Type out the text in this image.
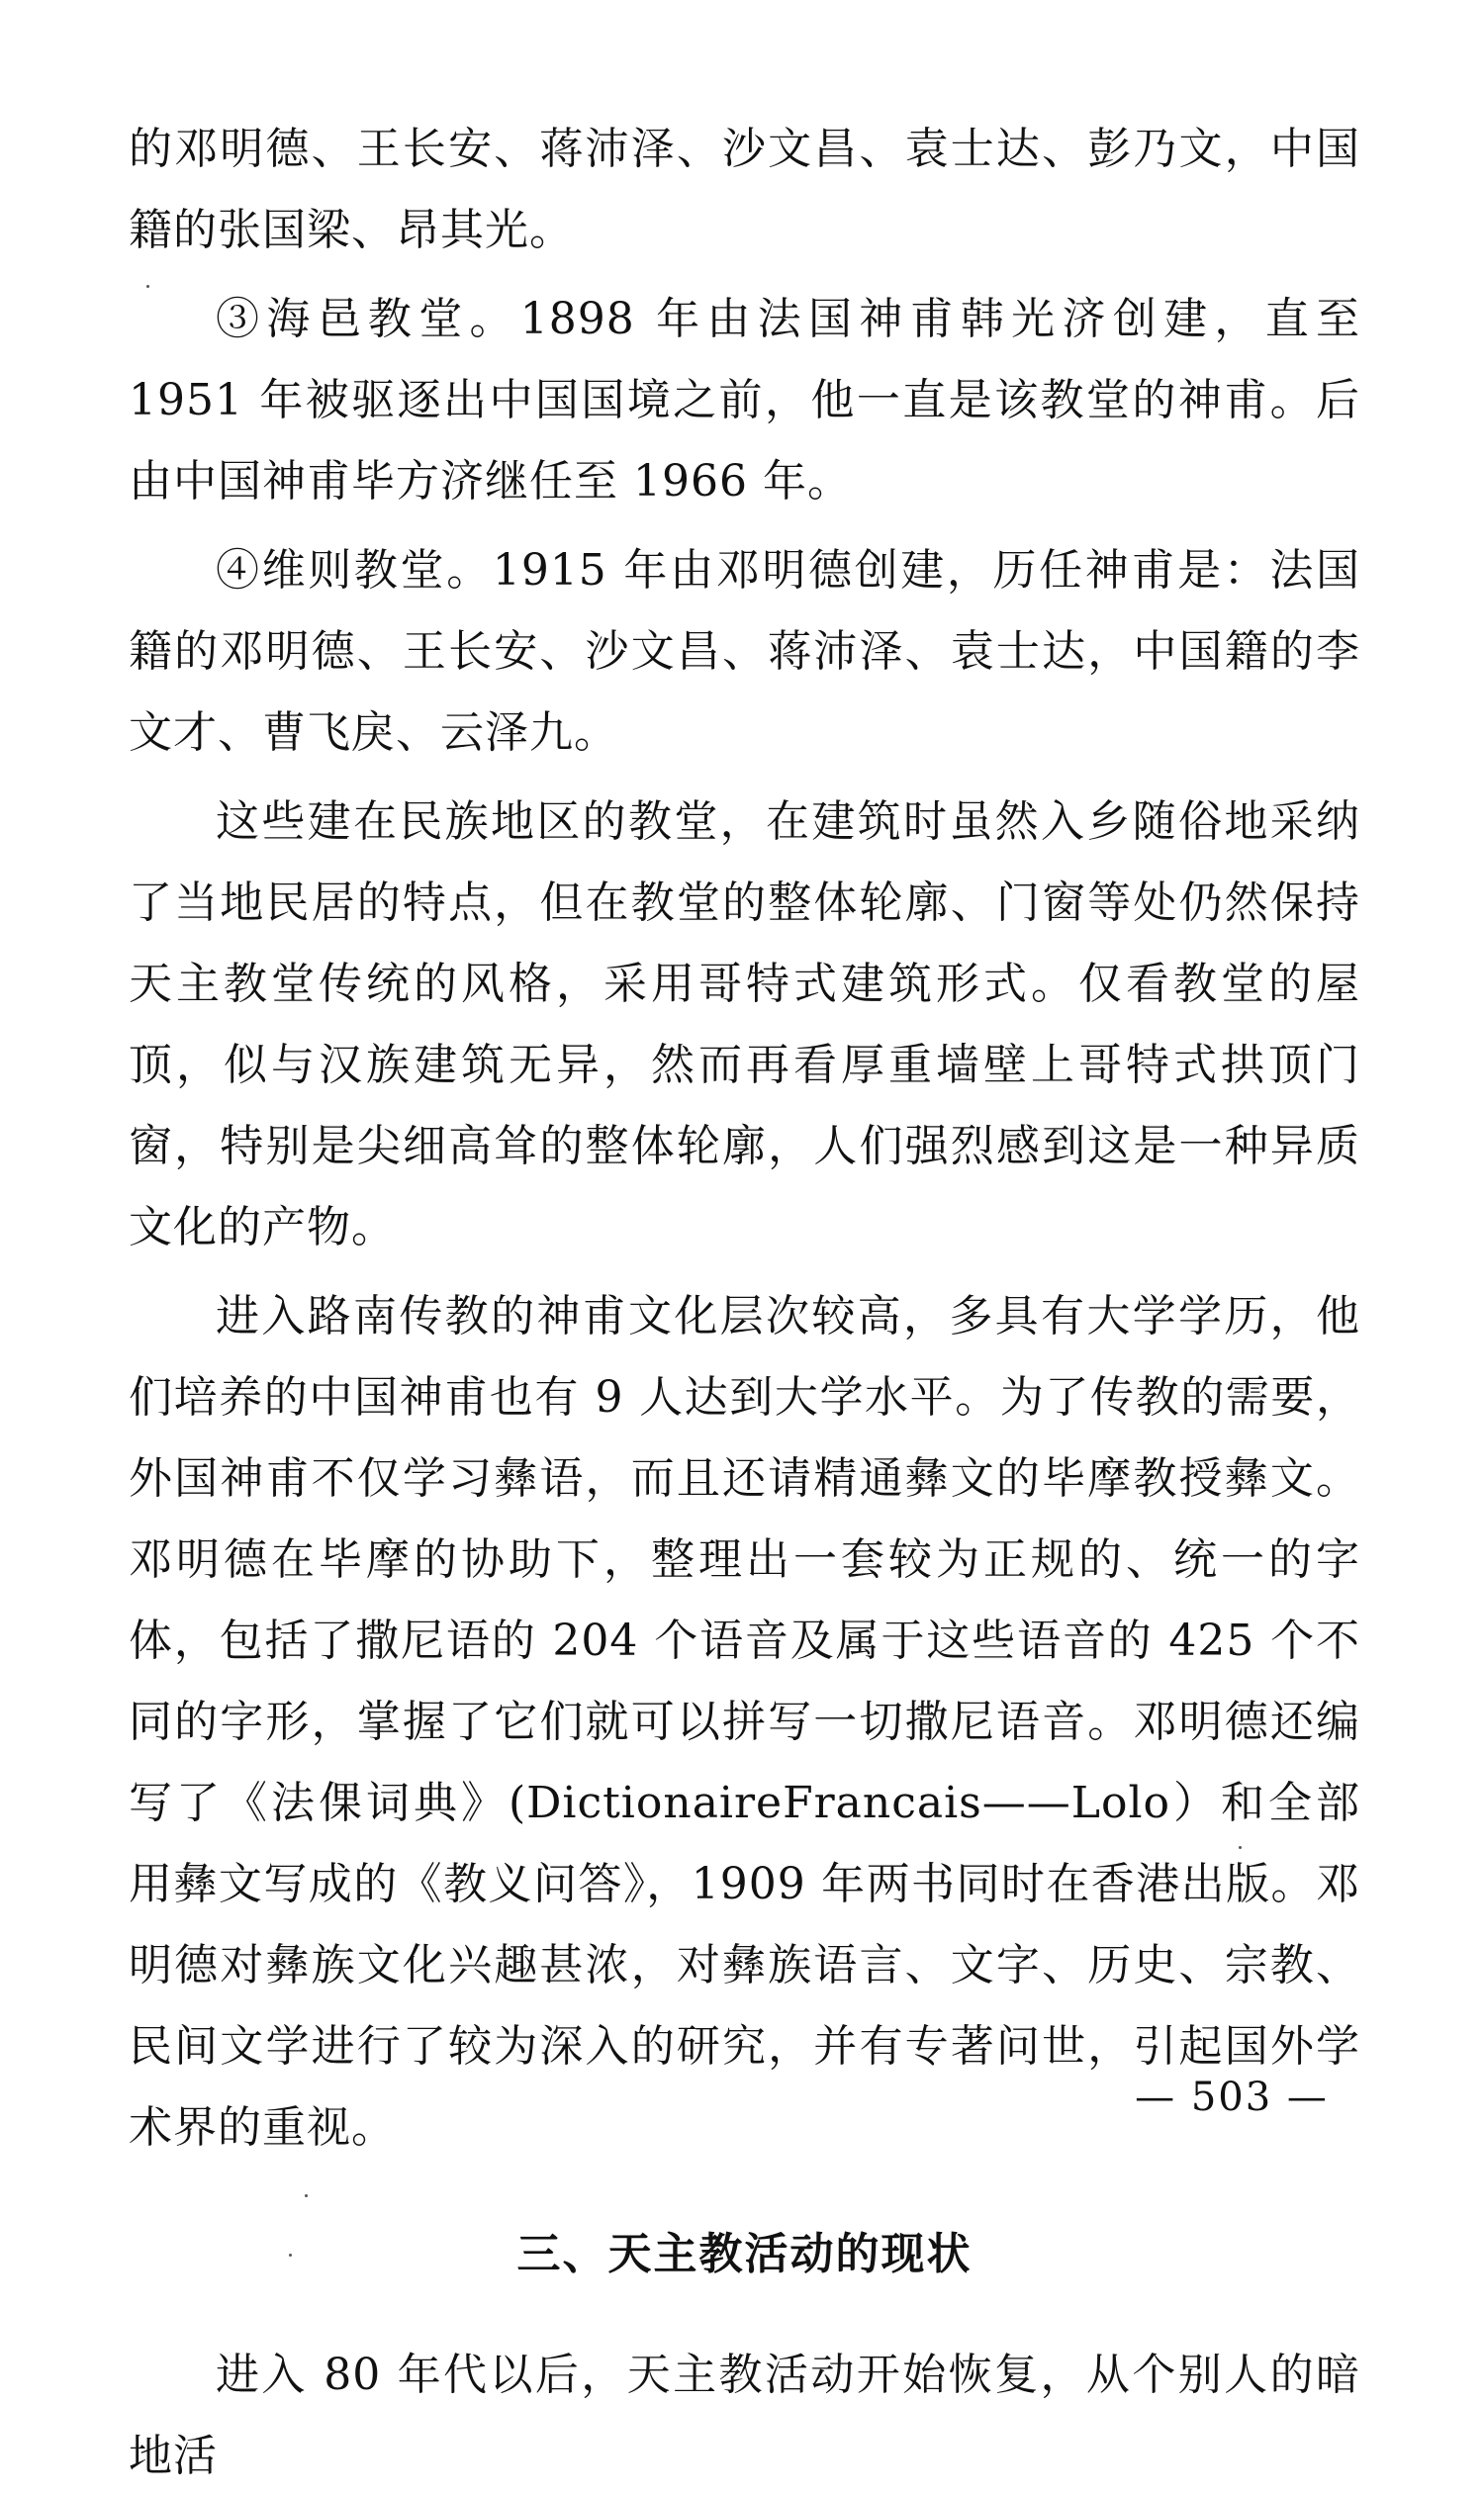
的邓明德、王长安、蒋沛泽、沙文昌、袁士达、彭乃文，中国籍的张国梁、昂其光。

③海邑教堂。1898 年由法国神甫韩光济创建，直至 1951 年被驱逐出中国国境之前，他一直是该教堂的神甫。后由中国神甫毕方济继任至 1966 年。

④维则教堂。1915 年由邓明德创建，历任神甫是：法国籍的邓明德、王长安、沙文昌、蒋沛泽、袁士达，中国籍的李文才、曹飞戾、云泽九。

这些建在民族地区的教堂，在建筑时虽然入乡随俗地采纳了当地民居的特点，但在教堂的整体轮廓、门窗等处仍然保持天主教堂传统的风格，采用哥特式建筑形式。仅看教堂的屋顶，似与汉族建筑无异，然而再看厚重墙壁上哥特式拱顶门窗，特别是尖细高耸的整体轮廓，人们强烈感到这是一种异质文化的产物。

进入路南传教的神甫文化层次较高，多具有大学学历，他们培养的中国神甫也有 9 人达到大学水平。为了传教的需要，外国神甫不仅学习彝语，而且还请精通彝文的毕摩教授彝文。邓明德在毕摩的协助下，整理出一套较为正规的、统一的字体，包括了撒尼语的 204 个语音及属于这些语音的 425 个不同的字形，掌握了它们就可以拼写一切撒尼语音。邓明德还编写了《法倮词典》(DictionaireFrancais——Lolo）和全部用彝文写成的《教义问答》，1909 年两书同时在香港出版。邓明德对彝族文化兴趣甚浓，对彝族语言、文字、历史、宗教、民间文学进行了较为深入的研究，并有专著问世，引起国外学术界的重视。

三、天主教活动的现状

进入 80 年代以后，天主教活动开始恢复，从个别人的暗地活

— 503 —
